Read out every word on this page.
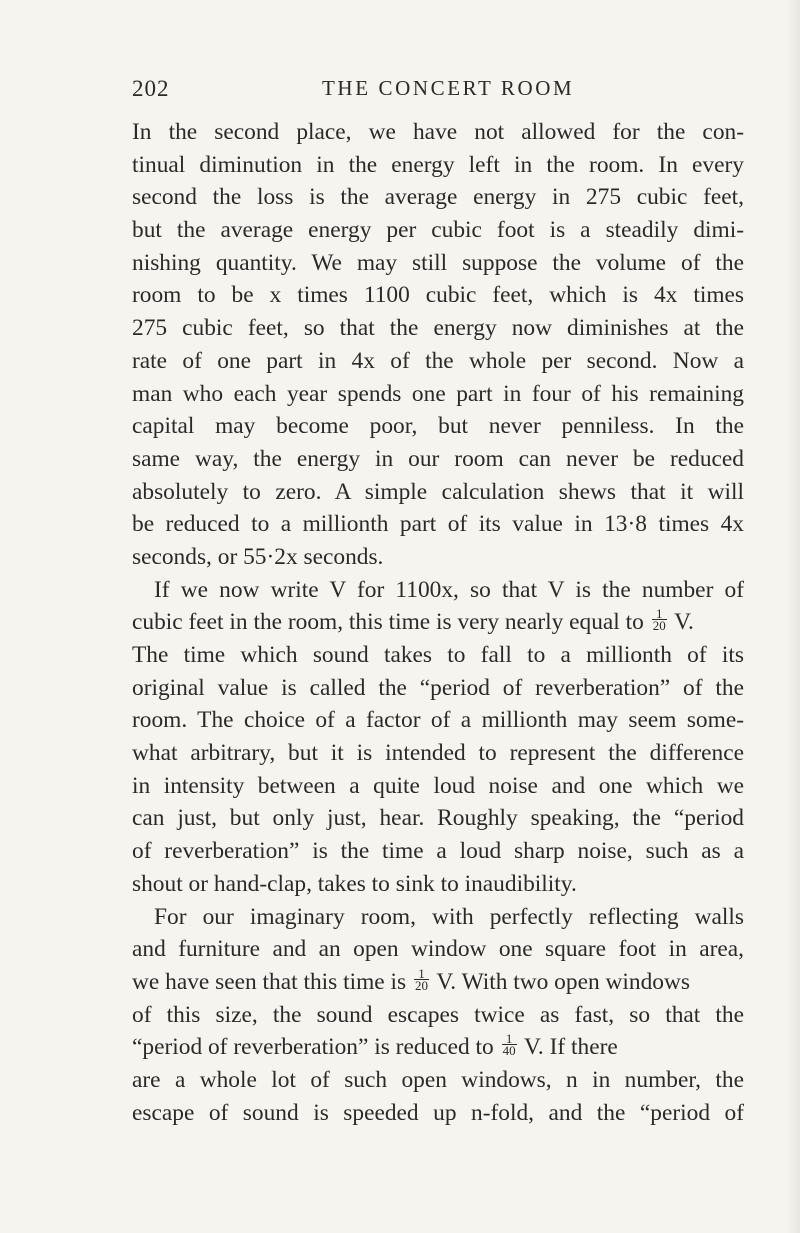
202	THE CONCERT ROOM
In the second place, we have not allowed for the con-
tinual diminution in the energy left in the room. In every
second the loss is the average energy in 275 cubic feet,
but the average energy per cubic foot is a steadily dimi-
nishing quantity. We may still suppose the volume of the
room to be x times 1100 cubic feet, which is 4x times
275 cubic feet, so that the energy now diminishes at the
rate of one part in 4x of the whole per second. Now a
man who each year spends one part in four of his remaining
capital may become poor, but never penniless. In the
same way, the energy in our room can never be reduced
absolutely to zero. A simple calculation shews that it will
be reduced to a millionth part of its value in 13·8 times 4x
seconds, or 55·2x seconds.
If we now write V for 1100x, so that V is the number of
cubic feet in the room, this time is very nearly equal to $\frac{1}{20} V$.
The time which sound takes to fall to a millionth of its
original value is called the “period of reverberation” of the
room. The choice of a factor of a millionth may seem some-
what arbitrary, but it is intended to represent the difference
in intensity between a quite loud noise and one which we
can just, but only just, hear. Roughly speaking, the “period
of reverberation” is the time a loud sharp noise, such as a
shout or hand-clap, takes to sink to inaudibility.
For our imaginary room, with perfectly reflecting walls
and furniture and an open window one square foot in area,
we have seen that this time is $\frac{1}{20} V$. With two open windows
of this size, the sound escapes twice as fast, so that the
“period of reverberation” is reduced to $\frac{1}{40} V$. If there
are a whole lot of such open windows, n in number, the
escape of sound is speeded up n-fold, and the “period of
